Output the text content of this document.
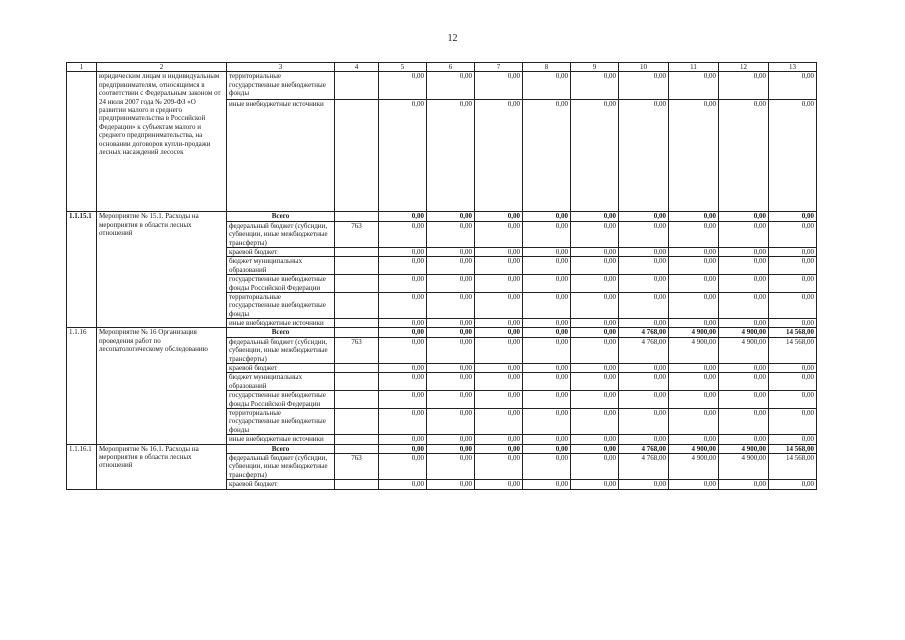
12
1	2	3	4	5	6	7	8	9	10	11	12	13
	юридическим лицам и индивидуальным предпринимателям, относящимся в соответствии с Федеральным законом от 24 июля 2007 года № 209-ФЗ «О развитии малого и среднего предпринимательства в Российской Федерации» к субъектам малого и среднего предпринимательства, на основании договоров купли-продажи лесных насаждений лесосек	территориальные государственные внебюджетные фонды		0,00	0,00	0,00	0,00	0,00	0,00	0,00	0,00	0,00
		иные внебюджетные источники		0,00	0,00	0,00	0,00	0,00	0,00	0,00	0,00	0,00
1.1.15.1	Мероприятие № 15.1. Расходы на мероприятия в области лесных отношений	Всего		0,00	0,00	0,00	0,00	0,00	0,00	0,00	0,00	0,00
		федеральный бюджет (субсидии, субвенции, иные межбюджетные трансферты)	763	0,00	0,00	0,00	0,00	0,00	0,00	0,00	0,00	0,00
		краевой бюджет		0,00	0,00	0,00	0,00	0,00	0,00	0,00	0,00	0,00
		бюджет муниципальных образований		0,00	0,00	0,00	0,00	0,00	0,00	0,00	0,00	0,00
		государственные внебюджетные фонды Российской Федерации		0,00	0,00	0,00	0,00	0,00	0,00	0,00	0,00	0,00
		территориальные государственные внебюджетные фонды		0,00	0,00	0,00	0,00	0,00	0,00	0,00	0,00	0,00
		иные внебюджетные источники		0,00	0,00	0,00	0,00	0,00	0,00	0,00	0,00	0,00
1.1.16	Мероприятие № 16 Организация проведения работ по лесопатологическому обследованию	Всего		0,00	0,00	0,00	0,00	0,00	4 768,00	4 900,00	4 900,00	14 568,00
		федеральный бюджет (субсидии, субвенции, иные межбюджетные трансферты)	763	0,00	0,00	0,00	0,00	0,00	4 768,00	4 900,00	4 900,00	14 568,00
		краевой бюджет		0,00	0,00	0,00	0,00	0,00	0,00	0,00	0,00	0,00
		бюджет муниципальных образований		0,00	0,00	0,00	0,00	0,00	0,00	0,00	0,00	0,00
		государственные внебюджетные фонды Российской Федерации		0,00	0,00	0,00	0,00	0,00	0,00	0,00	0,00	0,00
		территориальные государственные внебюджетные фонды		0,00	0,00	0,00	0,00	0,00	0,00	0,00	0,00	0,00
		иные внебюджетные источники		0,00	0,00	0,00	0,00	0,00	0,00	0,00	0,00	0,00
1.1.16.1	Мероприятие № 16.1. Расходы на мероприятия в области лесных отношений	Всего		0,00	0,00	0,00	0,00	0,00	4 768,00	4 900,00	4 900,00	14 568,00
		федеральный бюджет (субсидии, субвенции, иные межбюджетные трансферты)	763	0,00	0,00	0,00	0,00	0,00	4 768,00	4 900,00	4 900,00	14 568,00
		краевой бюджет		0,00	0,00	0,00	0,00	0,00	0,00	0,00	0,00	0,00
